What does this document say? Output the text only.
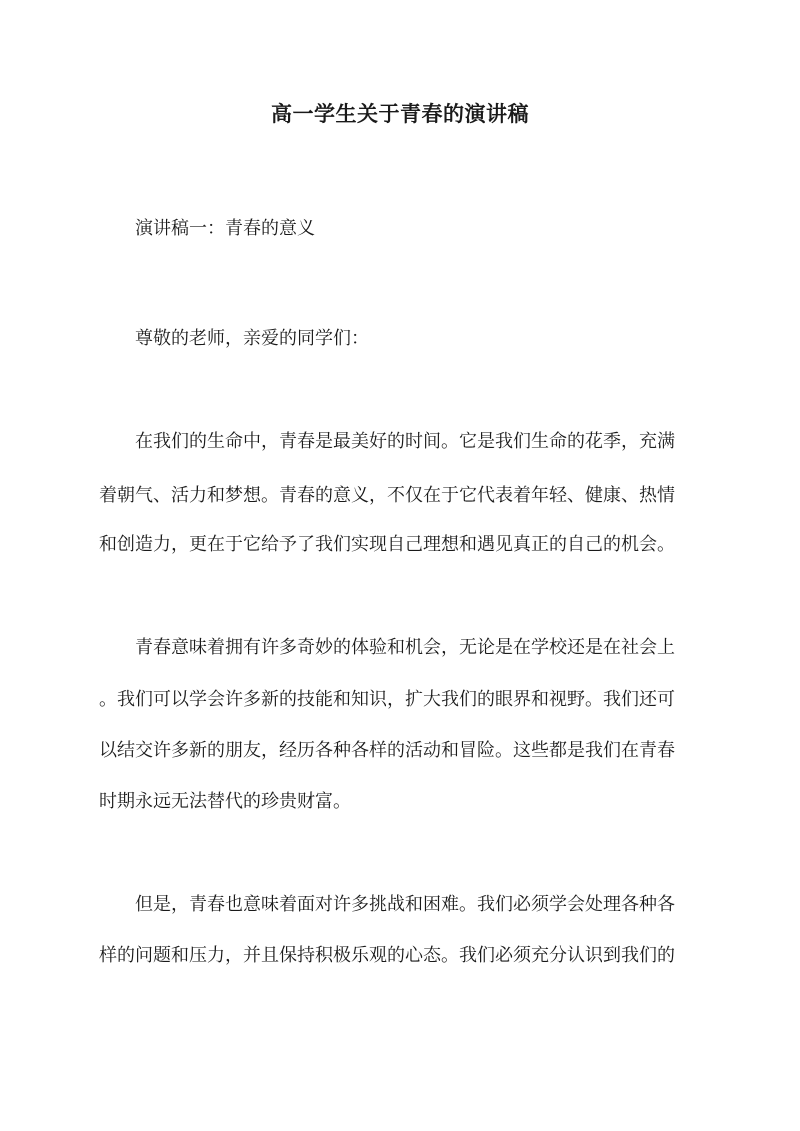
高一学生关于青春的演讲稿
演讲稿一：青春的意义
尊敬的老师，亲爱的同学们：
在我们的生命中，青春是最美好的时间。它是我们生命的花季，充满
着朝气、活力和梦想。青春的意义，不仅在于它代表着年轻、健康、热情
和创造力，更在于它给予了我们实现自己理想和遇见真正的自己的机会。
青春意味着拥有许多奇妙的体验和机会，无论是在学校还是在社会上
。我们可以学会许多新的技能和知识，扩大我们的眼界和视野。我们还可
以结交许多新的朋友，经历各种各样的活动和冒险。这些都是我们在青春
时期永远无法替代的珍贵财富。
但是，青春也意味着面对许多挑战和困难。我们必须学会处理各种各
样的问题和压力，并且保持积极乐观的心态。我们必须充分认识到我们的
